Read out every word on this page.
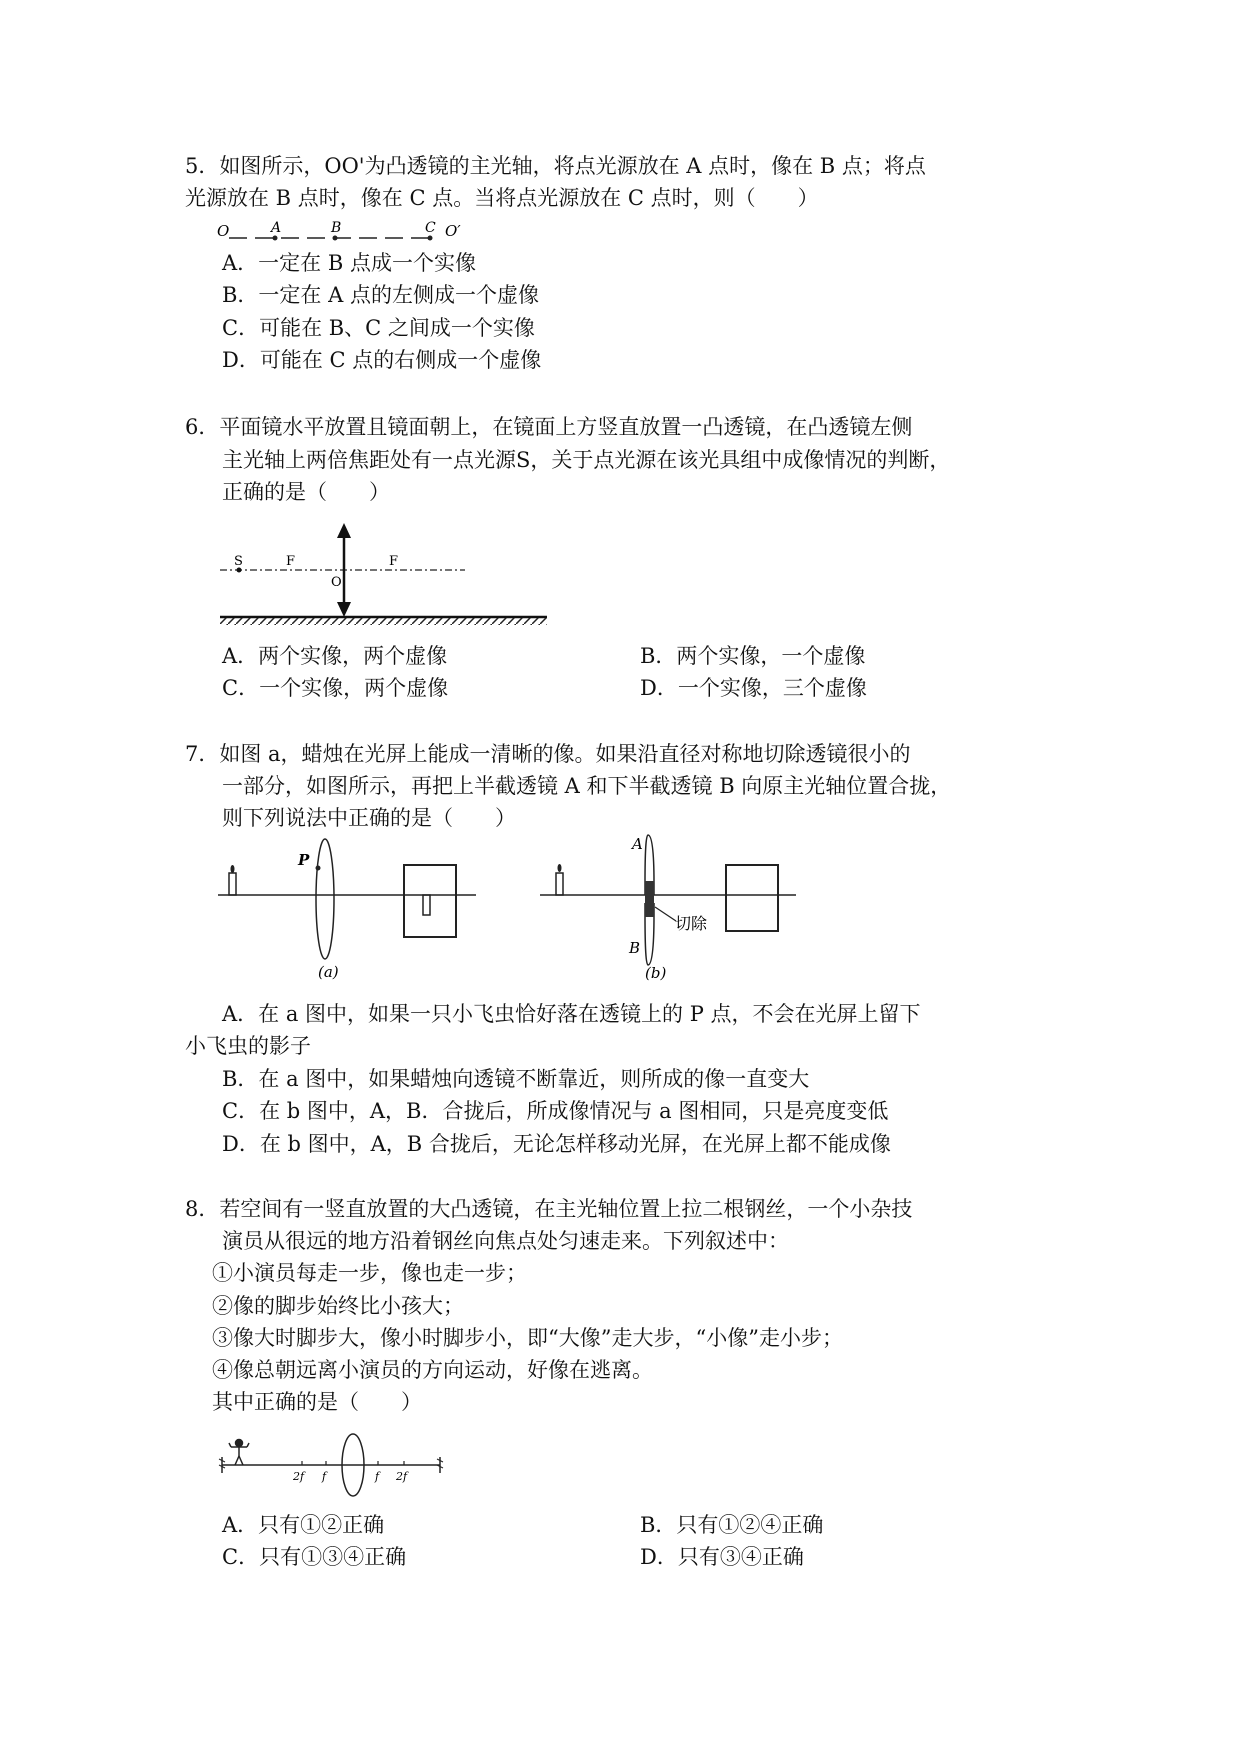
5．如图所示，OO'为凸透镜的主光轴，将点光源放在 A 点时，像在 B 点；将点
光源放在 B 点时，像在 C 点。当将点光源放在 C 点时，则（　　）
O	A	B	C O′
A．一定在 B 点成一个实像
B．一定在 A 点的左侧成一个虚像
C．可能在 B、C 之间成一个实像
D．可能在 C 点的右侧成一个虚像
6．平面镜水平放置且镜面朝上，在镜面上方竖直放置一凸透镜，在凸透镜左侧
主光轴上两倍焦距处有一点光源S，关于点光源在该光具组中成像情况的判断，
正确的是（　　）
S	F
O
F
A．两个实像，两个虚像	B．两个实像，一个虚像
C．一个实像，两个虚像	D．一个实像，三个虚像
7．如图 a，蜡烛在光屏上能成一清晰的像。如果沿直径对称地切除透镜很小的
一部分，如图所示，再把上半截透镜 A 和下半截透镜 B 向原主光轴位置合拢，
则下列说法中正确的是（　　）
P
(a)
切除
A
B
(b)
A．在 a 图中，如果一只小飞虫恰好落在透镜上的 P 点，不会在光屏上留下
小飞虫的影子
B．在 a 图中，如果蜡烛向透镜不断靠近，则所成的像一直变大
C．在 b 图中，A，B．合拢后，所成像情况与 a 图相同，只是亮度变低
D．在 b 图中，A，B 合拢后，无论怎样移动光屏，在光屏上都不能成像
8．若空间有一竖直放置的大凸透镜，在主光轴位置上拉二根钢丝，一个小杂技
演员从很远的地方沿着钢丝向焦点处匀速走来。下列叙述中：
①小演员每走一步，像也走一步；
②像的脚步始终比小孩大；
③像大时脚步大，像小时脚步小，即“大像”走大步，“小像”走小步；
④像总朝远离小演员的方向运动，好像在逃离。
其中正确的是（　　）
2f f	f 2f
A．只有①②正确	B．只有①②④正确
C．只有①③④正确	D．只有③④正确
